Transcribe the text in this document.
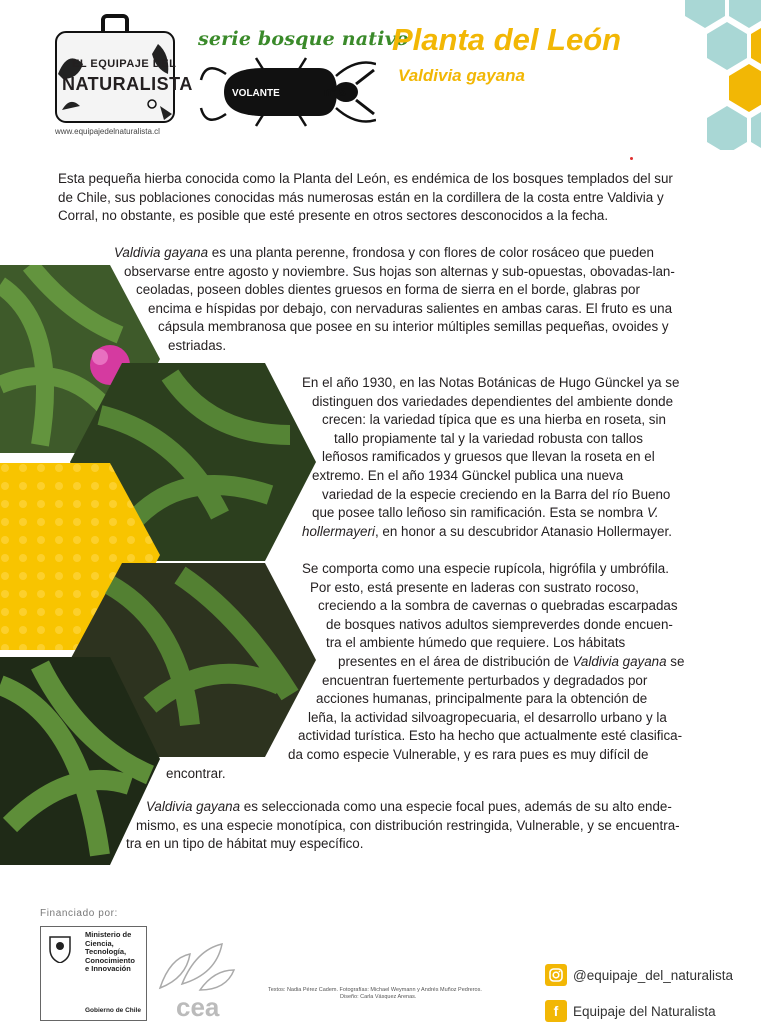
EL EQUIPAJE DEL
NATURALISTA
www.equipajedelnaturalista.cl
serie bosque nativo
VOLANTE	nº 5
Planta del León
Valdivia gayana
Esta pequeña hierba conocida como la Planta del León, es endémica de los bosques templados del sur
de Chile, sus poblaciones conocidas más numerosas están en la cordillera de la costa entre Valdivia y
Corral, no obstante, es posible que esté presente en otros sectores desconocidos a la fecha.
Valdivia gayana es una planta perenne, frondosa y con flores de color rosáceo que pueden
observarse entre agosto y noviembre. Sus hojas son alternas y sub-opuestas, obovadas-lan-
ceoladas, poseen dobles dientes gruesos en forma de sierra en el borde, glabras por
encima e híspidas por debajo, con nervaduras salientes en ambas caras. El fruto es una
cápsula membranosa que posee en su interior múltiples semillas pequeñas, ovoides y
estriadas.
En el año 1930, en las Notas Botánicas de Hugo Günckel ya se
distinguen dos variedades dependientes del ambiente donde
crecen: la variedad típica que es una hierba en roseta, sin
tallo propiamente tal y la variedad robusta con tallos
leñosos ramificados y gruesos que llevan la roseta en el
extremo. En el año 1934 Günckel publica una nueva
variedad de la especie creciendo en la Barra del río Bueno
que posee tallo leñoso sin ramificación. Esta se nombra V.
hollermayeri, en honor a su descubridor Atanasio Hollermayer.
Se comporta como una especie rupícola, higrófila y umbrófila.
Por esto, está presente en laderas con sustrato rocoso,
creciendo a la sombra de cavernas o quebradas escarpadas
de bosques nativos adultos siempreverdes donde encuen-
tra el ambiente húmedo que requiere. Los hábitats
presentes en el área de distribución de Valdivia gayana se
encuentran fuertemente perturbados y degradados por
acciones humanas, principalmente para la obtención de
leña, la actividad silvoagropecuaria, el desarrollo urbano y la
actividad turística. Esto ha hecho que actualmente esté clasifica-
da como especie Vulnerable, y es rara pues es muy difícil de
encontrar.
Valdivia gayana es seleccionada como una especie focal pues, además de su alto ende-
mismo, es una especie monotípica, con distribución restringida, Vulnerable, y se encuentra-
tra en un tipo de hábitat muy específico.
Financiado por:
Ministerio de
Ciencia,
Tecnología,
Conocimiento
e Innovación
Gobierno de Chile cea
Textos: Nadia Pérez Cadem. Fotografías: Michael Weymann y Andrés Muñoz Pedreros.
Diseño: Carla Vásquez Arenas.
@equipaje_del_naturalista
f	Equipaje del Naturalista
